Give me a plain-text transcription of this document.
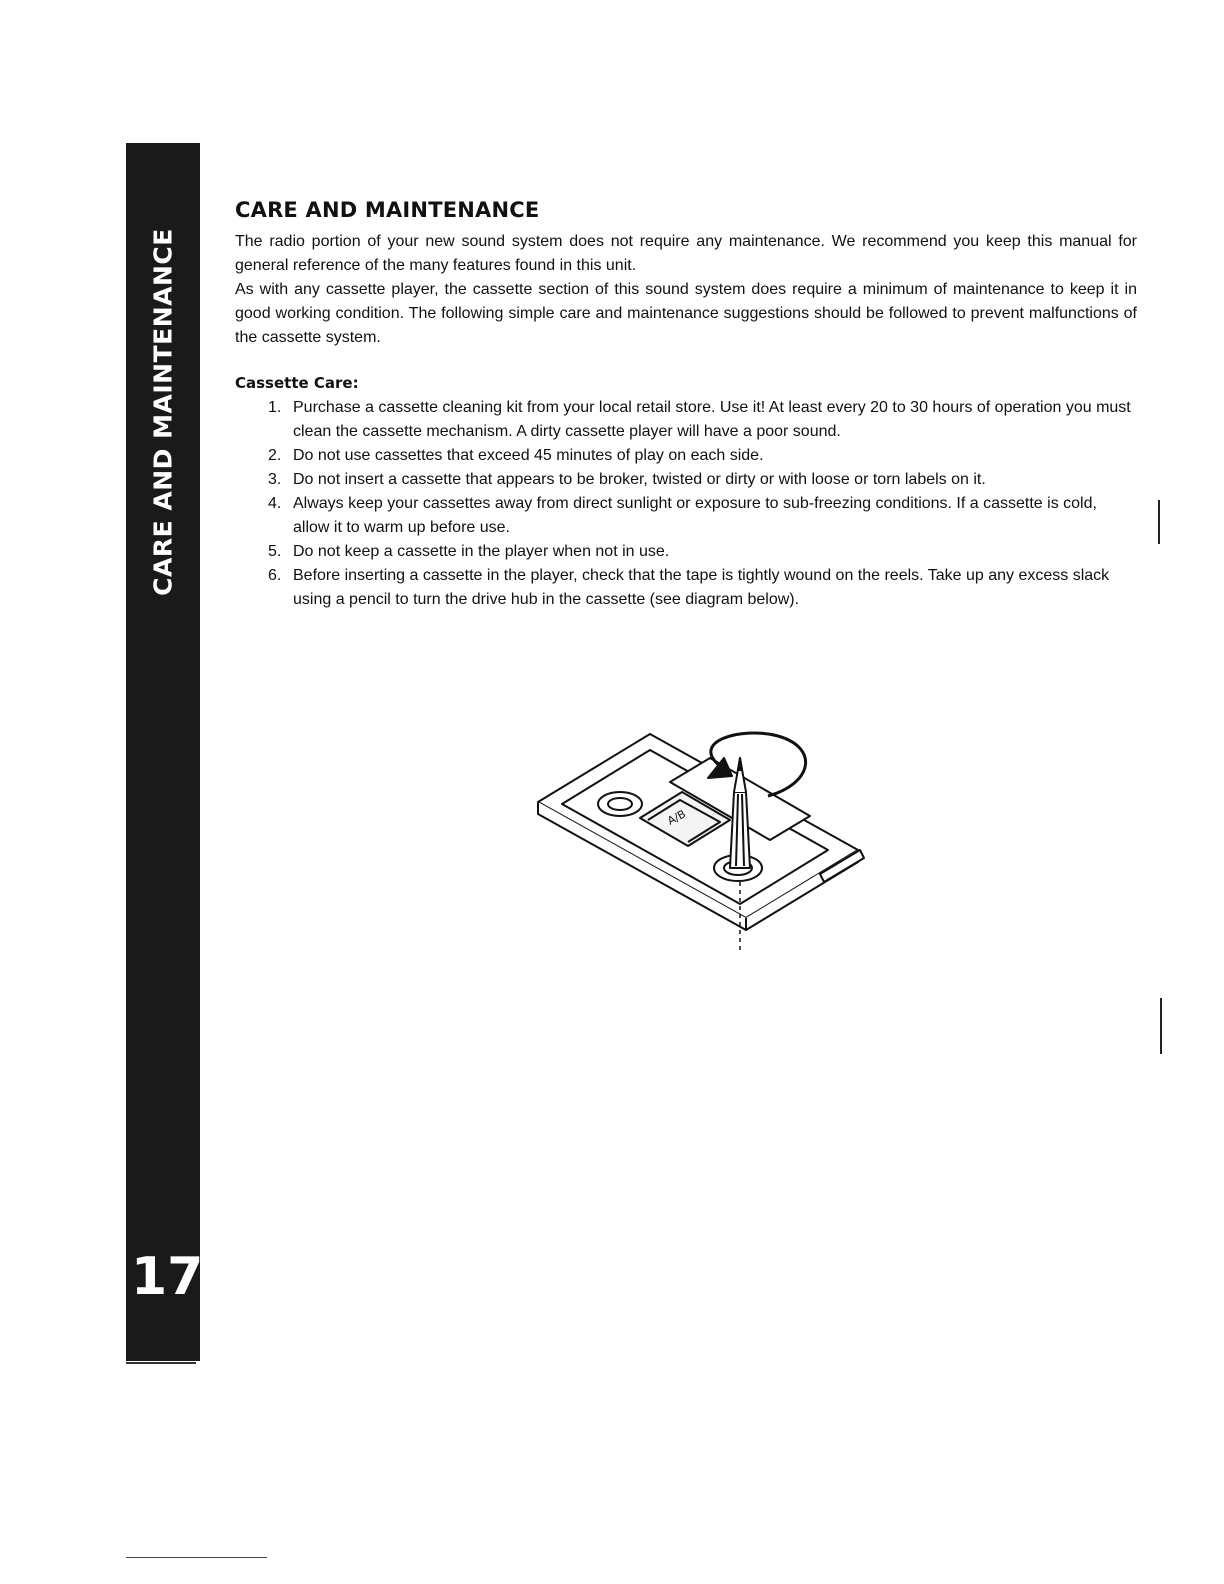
CARE AND MAINTENANCE
17
CARE AND MAINTENANCE

The radio portion of your new sound system does not require any maintenance. We recommend you keep this manual for general reference of the many features found in this unit.

As with any cassette player, the cassette section of this sound system does require a minimum of maintenance to keep it in good working condition. The following simple care and maintenance suggestions should be followed to prevent malfunctions of the cassette system.

Cassette Care:
1. Purchase a cassette cleaning kit from your local retail store. Use it! At least every 20 to 30 hours of operation you must clean the cassette mechanism. A dirty cassette player will have a poor sound.
2. Do not use cassettes that exceed 45 minutes of play on each side.
3. Do not insert a cassette that appears to be broker, twisted or dirty or with loose or torn labels on it.
4. Always keep your cassettes away from direct sunlight or exposure to sub-freezing conditions. If a cassette is cold, allow it to warm up before use.
5. Do not keep a cassette in the player when not in use.
6. Before inserting a cassette in the player, check that the tape is tightly wound on the reels. Take up any excess slack using a pencil to turn the drive hub in the cassette (see diagram below).
A/B
